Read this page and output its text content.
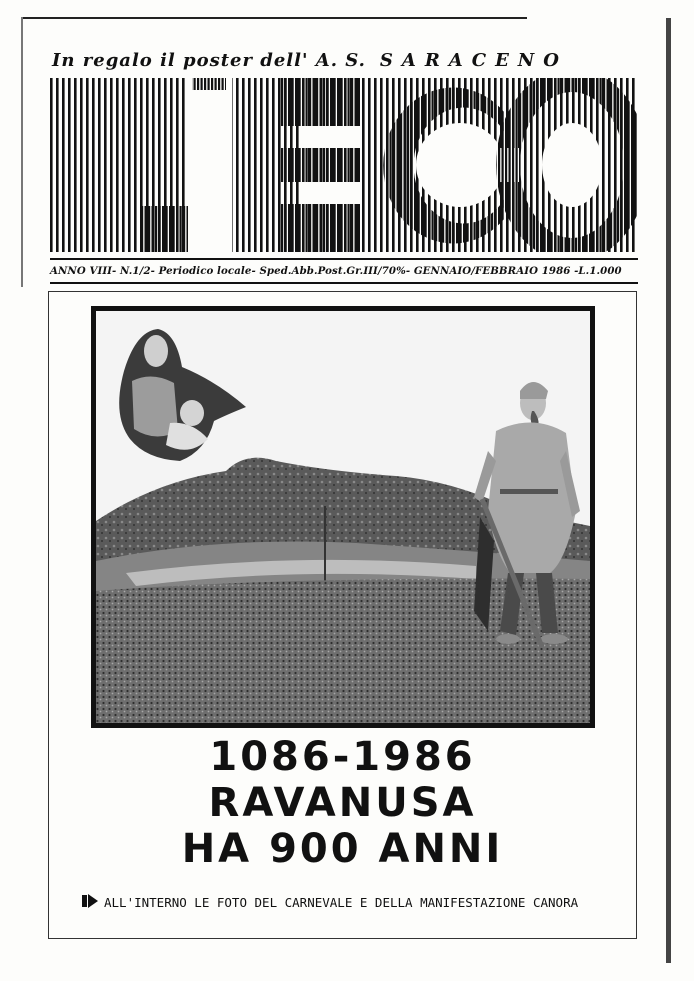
In regalo il poster dell' A. S. SARACENO
ANNO VIII- N.1/2- Periodico locale- Sped.Abb.Post.Gr.III/70%- GENNAIO/FEBBRAIO 1986 -L.1.000
1086-1986
RAVANUSA
HA 900 ANNI
ALL'INTERNO LE FOTO DEL CARNEVALE E DELLA MANIFESTAZIONE CANORA
